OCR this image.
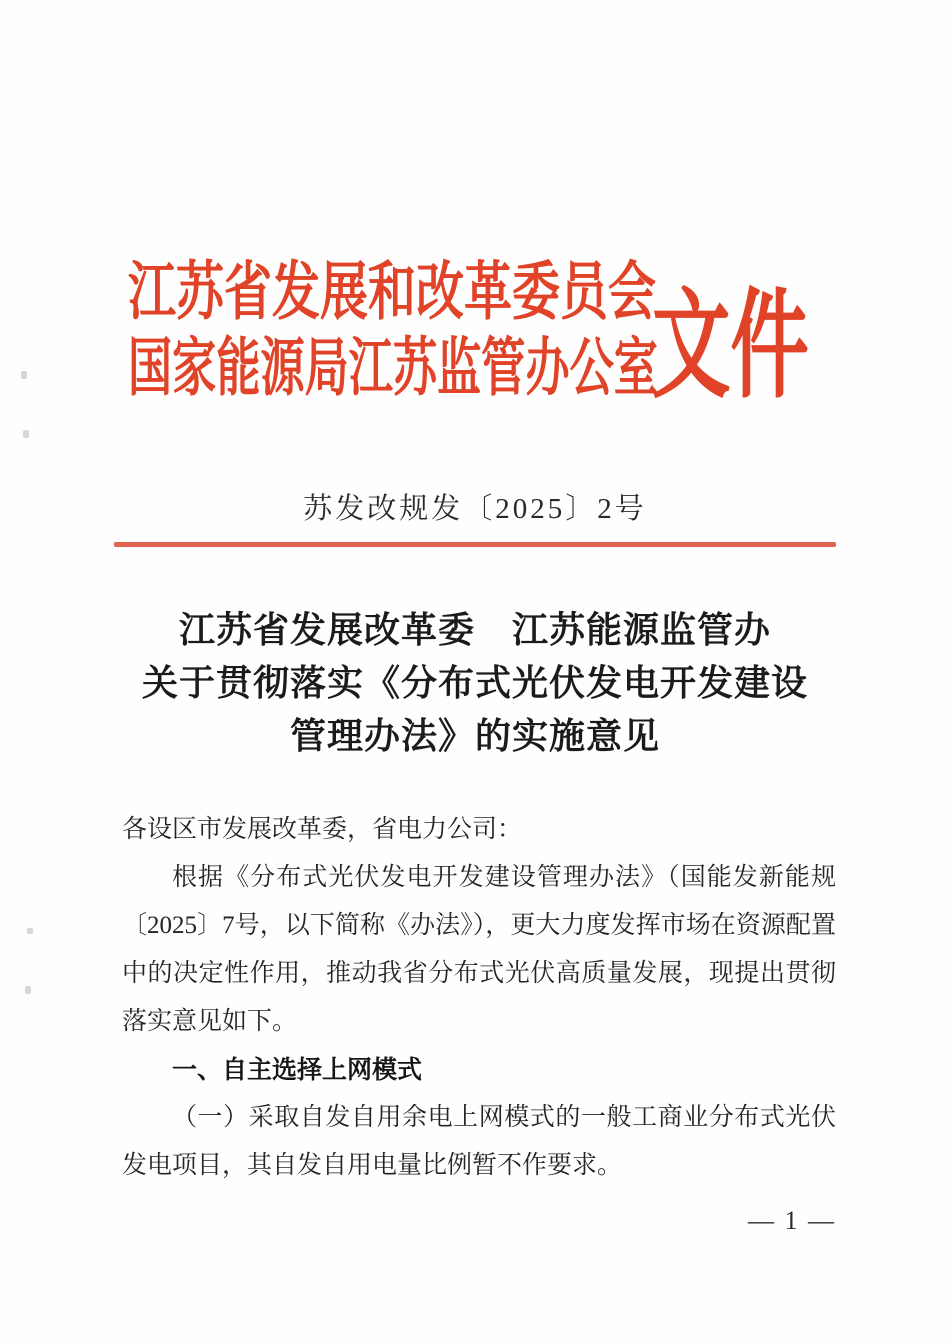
江苏省发展和改革委员会
国家能源局江苏监管办公室
文件
苏发改规发〔2025〕2号
江苏省发展改革委　江苏能源监管办
关于贯彻落实《分布式光伏发电开发建设
管理办法》的实施意见

各设区市发展改革委，省电力公司：

根据《分布式光伏发电开发建设管理办法》（国能发新能规〔2025〕7号，以下简称《办法》），更大力度发挥市场在资源配置中的决定性作用，推动我省分布式光伏高质量发展，现提出贯彻落实意见如下。

一、自主选择上网模式

（一）采取自发自用余电上网模式的一般工商业分布式光伏发电项目，其自发自用电量比例暂不作要求。

— 1 —
